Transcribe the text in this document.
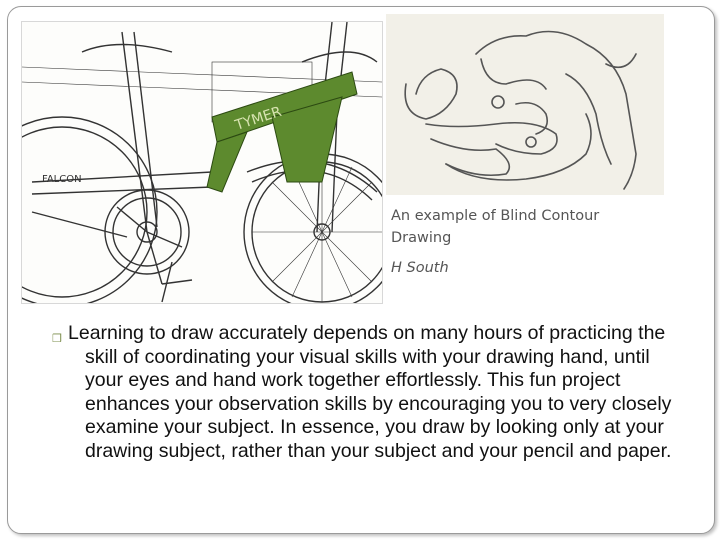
TYMER
FALCON
An example of Blind Contour
Drawing
H South
❒ Learning to draw accurately depends on many hours of practicing the skill of coordinating your visual skills with your drawing hand, until your eyes and hand work together effortlessly. This fun project enhances your observation skills by encouraging you to very closely examine your subject. In essence, you draw by looking only at your drawing subject, rather than your subject and your pencil and paper.
